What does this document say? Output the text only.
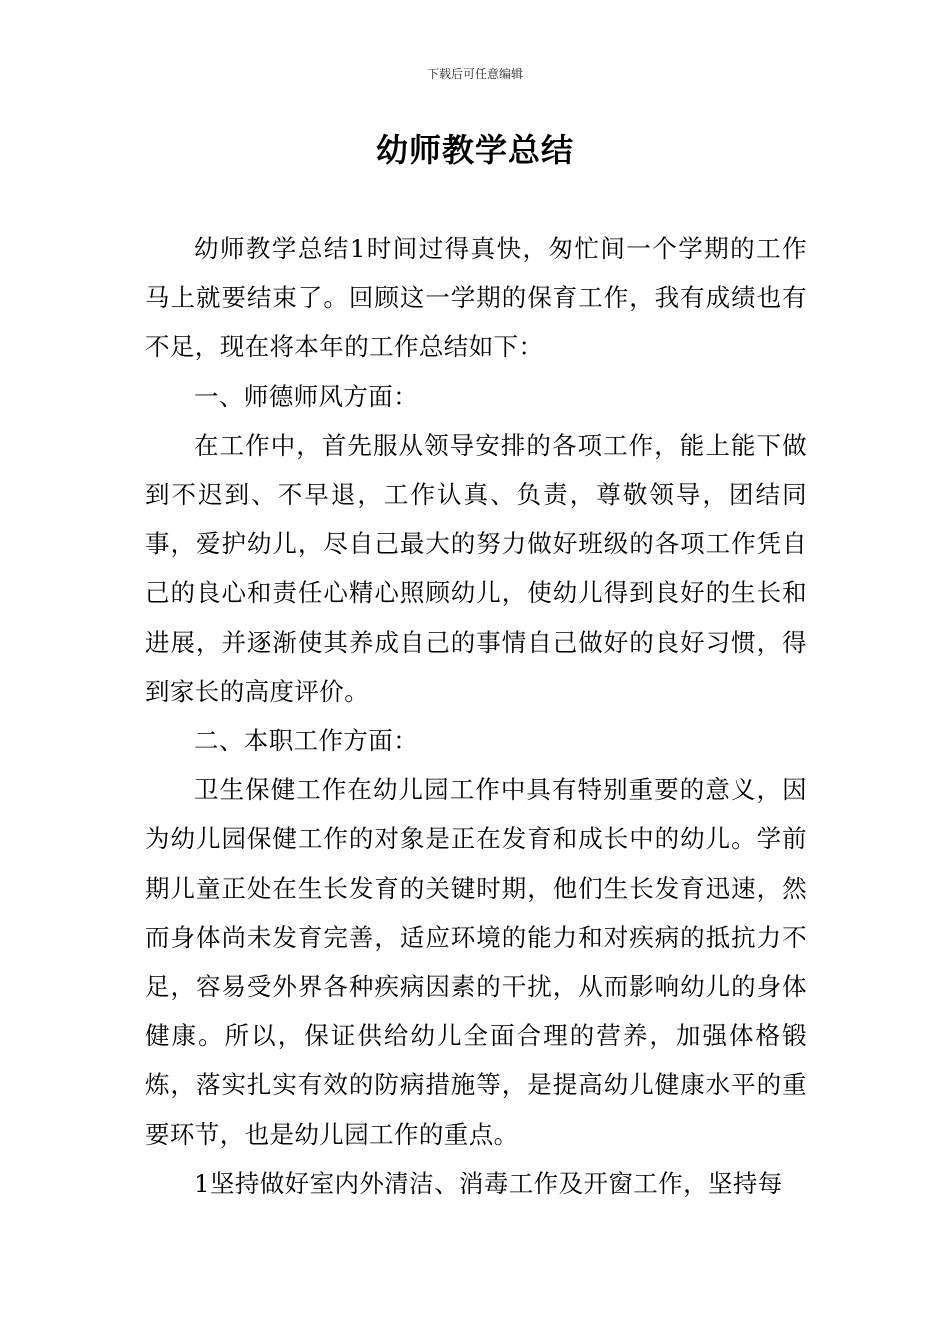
下载后可任意编辑
幼师教学总结

幼师教学总结1时间过得真快，匆忙间一个学期的工作马上就要结束了。回顾这一学期的保育工作，我有成绩也有不足，现在将本年的工作总结如下：

一、师德师风方面：

在工作中，首先服从领导安排的各项工作，能上能下做到不迟到、不早退，工作认真、负责，尊敬领导，团结同事，爱护幼儿，尽自己最大的努力做好班级的各项工作凭自己的良心和责任心精心照顾幼儿，使幼儿得到良好的生长和进展，并逐渐使其养成自己的事情自己做好的良好习惯，得到家长的高度评价。

二、本职工作方面：

卫生保健工作在幼儿园工作中具有特别重要的意义，因为幼儿园保健工作的对象是正在发育和成长中的幼儿。学前期儿童正处在生长发育的关键时期，他们生长发育迅速，然而身体尚未发育完善，适应环境的能力和对疾病的抵抗力不足，容易受外界各种疾病因素的干扰，从而影响幼儿的身体健康。所以，保证供给幼儿全面合理的营养，加强体格锻炼，落实扎实有效的防病措施等，是提高幼儿健康水平的重要环节，也是幼儿园工作的重点。

1坚持做好室内外清洁、消毒工作及开窗工作，坚持每
